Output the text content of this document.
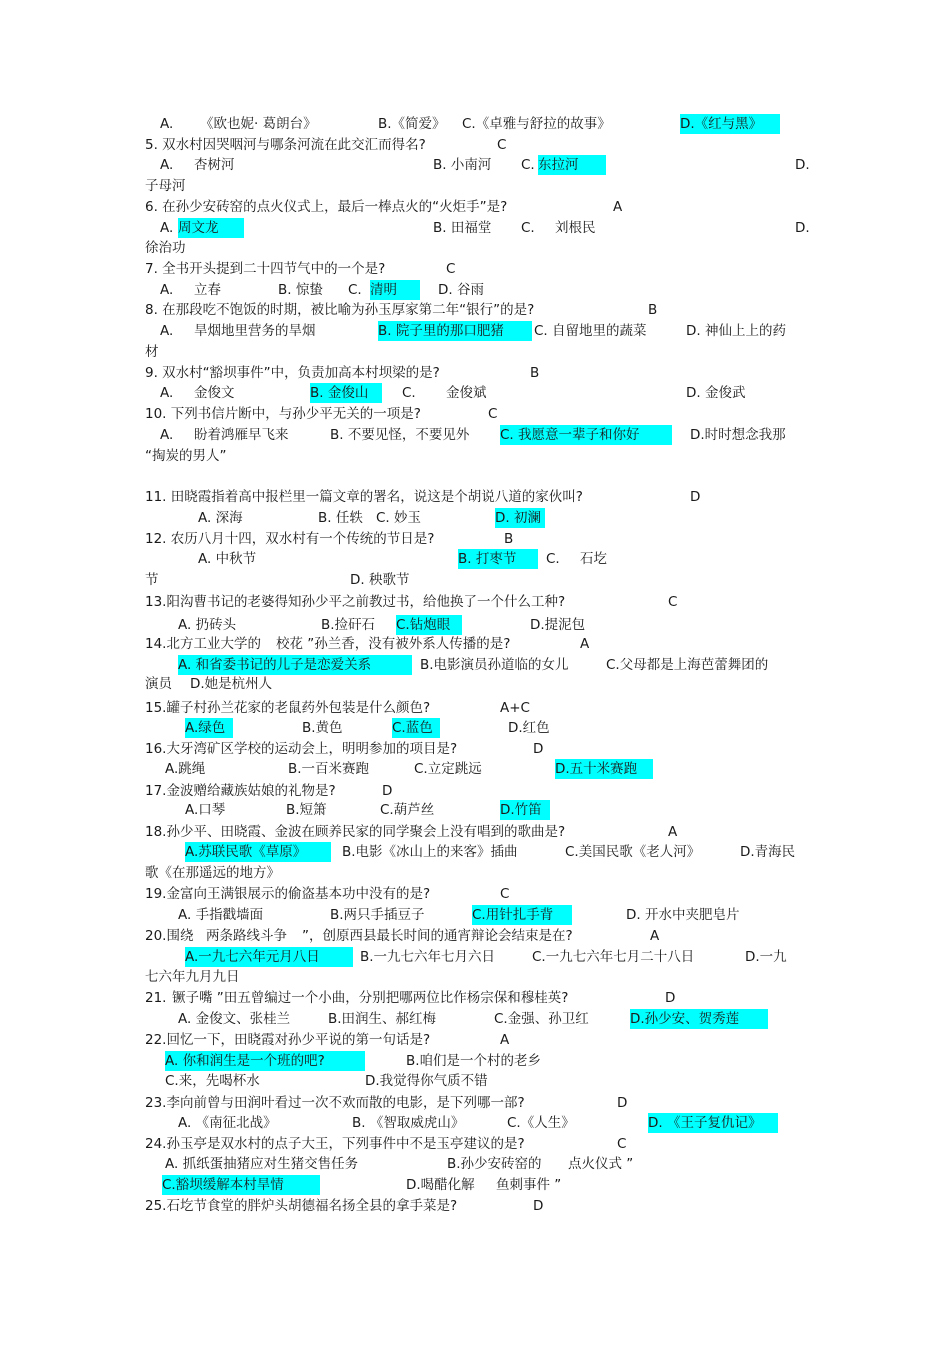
A. 《欧也妮· 葛朗台》	B.《简爱》 C.《卓雅与舒拉的故事》	D.《红与黑》
5. 双水村因哭咽河与哪条河流在此交汇而得名?	C
A. 杏树河	B. 小南河 C. 东拉河	D.
子母河
6. 在孙少安砖窑的点火仪式上，最后一棒点火的“火炬手”是?	A
A. 周文龙	B. 田福堂 C. 刘根民	D.
徐治功
7. 全书开头提到二十四节气中的一个是?	C
A. 立春	B. 惊蛰 C. 清明	D. 谷雨
8. 在那段吃不饱饭的时期，被比喻为孙玉厚家第二年“银行”的是?	B
A. 旱烟地里营务的旱烟	B. 院子里的那口肥猪	C. 自留地里的蔬菜	D. 神仙上上的药
材
9. 双水村“豁坝事件”中，负责加高本村坝梁的是?	B
A. 金俊文	B. 金俊山	C. 金俊斌	D. 金俊武
10. 下列书信片断中，与孙少平无关的一项是?	C
A. 盼着鸿雁早飞来	B. 不要见怪，不要见外 C. 我愿意一辈子和你好	D.时时想念我那
“掏炭的男人”
11. 田晓霞指着高中报栏里一篇文章的署名，说这是个胡说八道的家伙叫?	D
A. 深海	B. 任轶 C. 妙玉	D. 初澜
12. 农历八月十四，双水村有一个传统的节日是?	B
A. 中秋节	B. 打枣节	C. 石圪
节	D. 秧歌节
13.阳沟曹书记的老婆得知孙少平之前教过书，给他换了一个什么工种?	C
A. 扔砖头	B.捡矸石 C.钻炮眼	D.提泥包
14.北方工业大学的 校花 ”孙兰香，没有被外系人传播的是?	A
A. 和省委书记的儿子是恋爱关系	B.电影演员孙道临的女儿	C.父母都是上海芭蕾舞团的
演员 D.她是杭州人
15.罐子村孙兰花家的老鼠药外包装是什么颜色?	A+C
A.绿色	B.黄色	C.蓝色	D.红色
16.大牙湾矿区学校的运动会上，明明参加的项目是?	D
A.跳绳	B.一百米赛跑	C.立定跳远	D.五十米赛跑
17.金波赠给藏族姑娘的礼物是?	D
A.口琴	B.短箫	C.葫芦丝	D.竹笛
18.孙少平、田晓霞、金波在顾养民家的同学聚会上没有唱到的歌曲是?	A
A.苏联民歌《草原》	B.电影《冰山上的来客》插曲	C.美国民歌《老人河》	D.青海民
歌《在那遥远的地方》
19.金富向王满银展示的偷盗基本功中没有的是?	C
A. 手指戳墙面	B.两只手插豆子	C.用针扎手背	D. 开水中夹肥皂片
20.围绕 两条路线斗争 ”，创原西县最长时间的通宵辩论会结束是在?	A
A.一九七六年元月八日	B.一九七六年七月六日	C.一九七六年七月二十八日	D.一九
七六年九月九日
21. 镢子嘴 ”田五曾编过一个小曲，分别把哪两位比作杨宗保和穆桂英?	D
A. 金俊文、张桂兰	B.田润生、郝红梅	C.金强、孙卫红	D.孙少安、贺秀莲
22.回忆一下，田晓霞对孙少平说的第一句话是?	A
A. 你和润生是一个班的吧?	B.咱们是一个村的老乡
C.来，先喝杯水	D.我觉得你气质不错
23.李向前曾与田润叶看过一次不欢而散的电影，是下列哪一部?	D
A. 《南征北战》	B. 《智取威虎山》	C.《人生》	D. 《王子复仇记》
24.孙玉亭是双水村的点子大王，下列事件中不是玉亭建议的是?	C
A. 抓纸蛋抽猪应对生猪交售任务	B.孙少安砖窑的 点火仪式 ”
C.豁坝缓解本村旱情	D.喝醋化解 鱼刺事件 ”
25.石圪节食堂的胖炉头胡德福名扬全县的拿手菜是?	D
